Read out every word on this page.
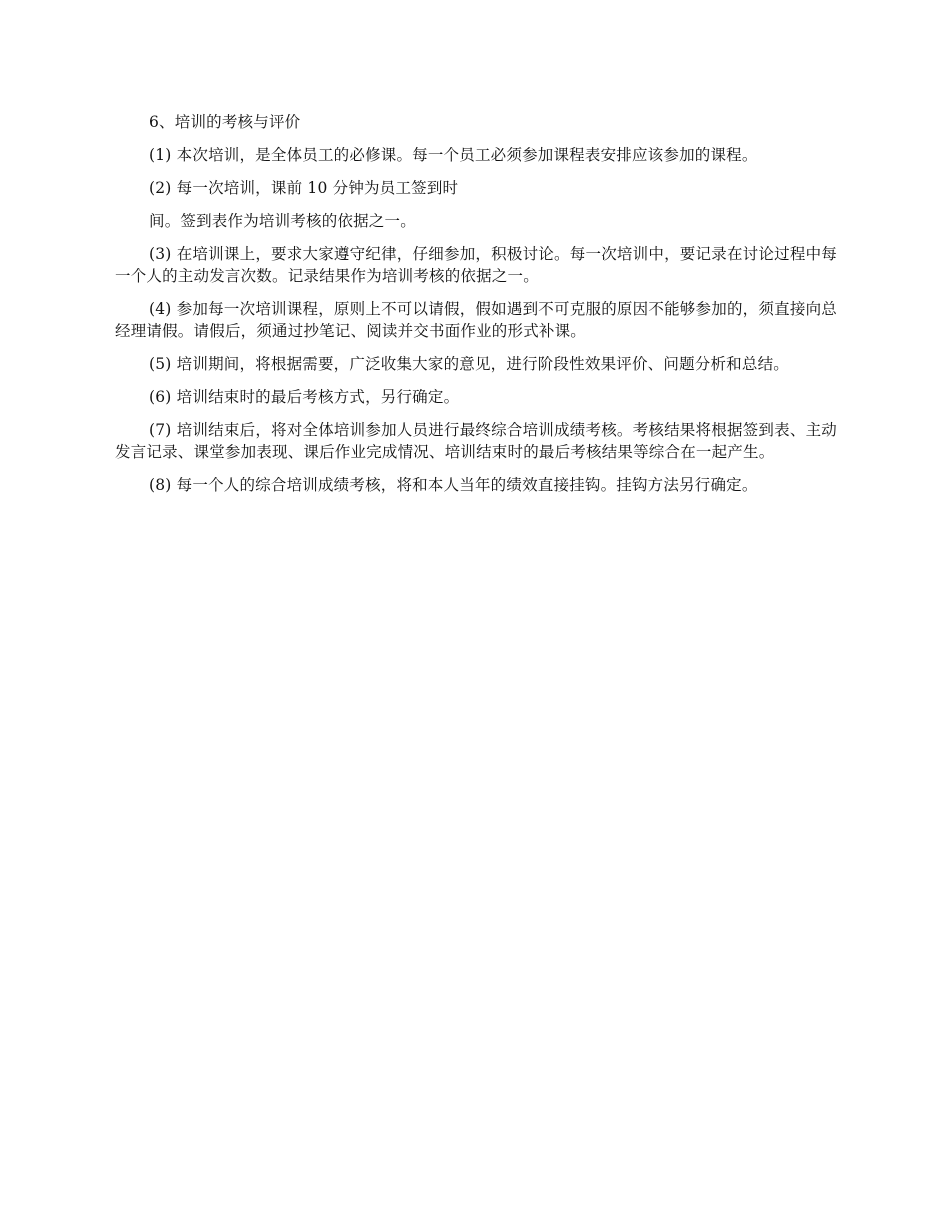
6、培训的考核与评价

(1) 本次培训，是全体员工的必修课。每一个员工必须参加课程表安排应该参加的课程。

(2) 每一次培训，课前 10 分钟为员工签到时

间。签到表作为培训考核的依据之一。

(3) 在培训课上，要求大家遵守纪律，仔细参加，积极讨论。每一次培训中，要记录在讨论过程中每一个人的主动发言次数。记录结果作为培训考核的依据之一。

(4) 参加每一次培训课程，原则上不可以请假，假如遇到不可克服的原因不能够参加的，须直接向总经理请假。请假后，须通过抄笔记、阅读并交书面作业的形式补课。

(5) 培训期间，将根据需要，广泛收集大家的意见，进行阶段性效果评价、问题分析和总结。

(6) 培训结束时的最后考核方式，另行确定。

(7) 培训结束后，将对全体培训参加人员进行最终综合培训成绩考核。考核结果将根据签到表、主动发言记录、课堂参加表现、课后作业完成情况、培训结束时的最后考核结果等综合在一起产生。

(8) 每一个人的综合培训成绩考核，将和本人当年的绩效直接挂钩。挂钩方法另行确定。
